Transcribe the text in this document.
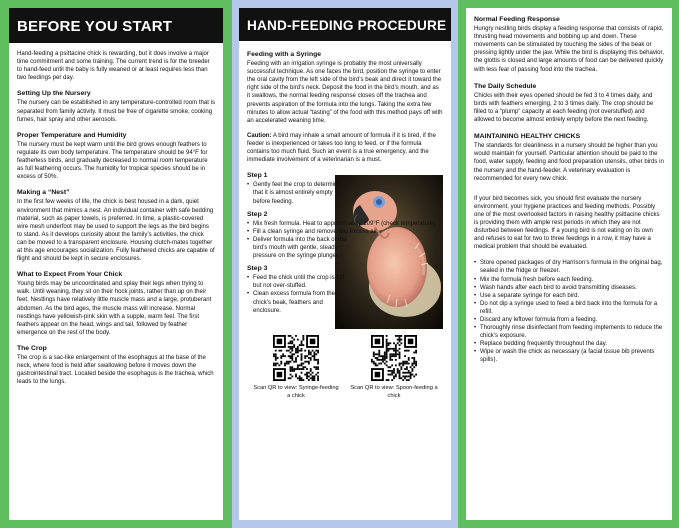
BEFORE YOU START

Hand-feeding a psittacine chick is rewarding, but it does involve a major time commitment and some training. The current trend is for the breeder to hand-feed until the baby is fully weaned or at least requires less than two feedings per day.

Setting Up the Nursery

The nursery can be established in any temperature-controlled room that is separated from family activity. It must be free of cigarette smoke, cooking fumes, hair spray and other aerosols.

Proper Temperature and Humidity

The nursery must be kept warm until the bird grows enough feathers to regulate its own body temperature. The temperature should be 94°F for featherless birds, and gradually decreased to normal room temperature as full feathering occurs. The humidity for tropical species should be in excess of 50%.

Making a “Nest”

In the first few weeks of life, the chick is best housed in a dark, quiet environment that mimics a nest. An individual container with safe bedding material, such as paper towels, is preferred. In time, a plastic-covered wire mesh underfoot may be used to support the legs as the bird begins to stand. As it develops curiosity about the family’s activities, the chick can be moved to a transparent enclosure. Housing clutch-mates together at this age encourages socialization. Fully feathered chicks are capable of flight and should be kept in secure enclosures.

What to Expect From Your Chick

Young birds may be uncoordinated and splay their legs when trying to walk. Until weaning, they sit on their hock joints, rather than up on their feet. Nestlings have relatively little muscle mass and a large, protuberant abdomen. As the bird ages, the muscle mass will increase. Normal nestlings have yellowish-pink skin with a supple, warm feel. The first feathers appear on the head, wings and tail, followed by feather emergence on the rest of the body.

The Crop

The crop is a sac-like enlargement of the esophagus at the base of the neck, where food is held after swallowing before it moves down the gastrointestinal tract. Located beside the esophagus is the trachea, which leads to the lungs.

HAND-FEEDING PROCEDURE
Feeding with a Syringe

Feeding with an irrigation syringe is probably the most universally successful technique. As one faces the bird, position the syringe to enter the oral cavity from the left side of the bird’s beak and direct it toward the right side of the bird’s neck. Deposit the food in the bird’s mouth, and as it swallows, the normal feeding response closes off the trachea and prevents aspiration of the formula into the lungs. Taking the extra few minutes to allow actual “tasting” of the food with this method pays off with an accelerated weaning time.

Caution: A bird may inhale a small amount of formula if it is tired, if the feeder is inexperienced or takes too long to feed, or if the formula contains too much fluid. Such an event is a true emergency, and the immediate involvement of a veterinarian is a must.

Step 1
• Gently feel the crop to determine that it is almost entirely empty before feeding.
Step 2
• Mix fresh formula. Heat to approximately 109°F (check temperature)
• Fill a clean syringe and remove any excess air.
• Deliver formula into the back of the bird’s mouth with gentle, steady pressure on the syringe plunger.
Step 3
• Feed the chick until the crop is full but not over-stuffed.
• Clean excess formula from the chick’s beak, feathers and enclosure.
Scan QR to view: Syringe-feeding a chick
Scan QR to view: Spoon-feeding a chick
Normal Feeding Response

Hungry nestling birds display a feeding response that consists of rapid, thrusting head movements and bobbing up and down. These movements can be stimulated by touching the sides of the beak or pressing lightly under the jaw. While the bird is displaying this behavior, the glottis is closed and large amounts of food can be delivered quickly with less fear of passing food into the trachea.

The Daily Schedule

Chicks with their eyes opened should be fed 3 to 4 times daily, and birds with feathers emerging, 2 to 3 times daily. The crop should be filled to a “plump” capacity at each feeding (not overstuffed) and allowed to become almost entirely empty before the next feeding.

MAINTAINING HEALTHY CHICKS

The standards for cleanliness in a nursery should be higher than you would maintain for yourself. Particular attention should be paid to the food, water supply, feeding and food preparation utensils, other birds in the nursery and the hand-feeder. A veterinary evaluation is recommended for every new chick.

If your bird becomes sick, you should first evaluate the nursery environment, your hygiene practices and feeding methods. Possibly one of the most overlooked factors in raising healthy psittacine chicks is providing them with ample rest periods in which they are not disturbed between feedings. If a young bird is not eating on its own and refuses to eat for two to three feedings in a row, it may have a medical problem that should be evaluated.

• Store opened packages of dry Harrison’s formula in the original bag, sealed in the fridge or freezer.
• Mix the formula fresh before each feeding.
• Wash hands after each bird to avoid transmitting diseases.
• Use a separate syringe for each bird.
• Do not dip a syringe used to feed a bird back into the formula for a refill.
• Discard any leftover formula from a feeding.
• Thoroughly rinse disinfectant from feeding implements to reduce the chick’s exposure.
• Replace bedding frequently throughout the day.
• Wipe or wash the chick as necessary (a facial tissue bib prevents spills).
